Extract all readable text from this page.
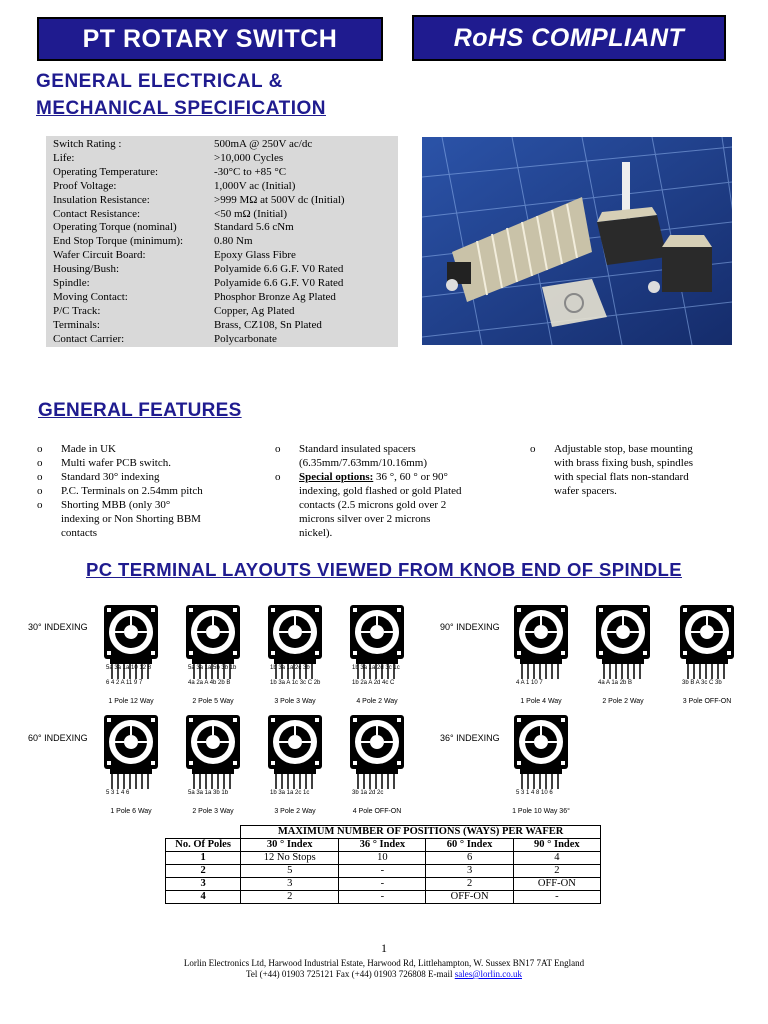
PT ROTARY SWITCH	RoHS COMPLIANT
GENERAL ELECTRICAL &
MECHANICAL SPECIFICATION
Switch Rating :	500mA @ 250V ac/dc
Life:	>10,000 Cycles
Operating Temperature:	-30°C to +85 °C
Proof Voltage:	1,000V ac (Initial)
Insulation Resistance:	>999 MΩ at 500V dc (Initial)
Contact Resistance:	<50 mΩ (Initial)
Operating Torque (nominal)	Standard 5.6 cNm
End Stop Torque (minimum):	0.80 Nm
Wafer Circuit Board:	Epoxy Glass Fibre
Housing/Bush:	Polyamide 6.6 G.F. V0 Rated
Spindle:	Polyamide 6.6 G.F. V0 Rated
Moving Contact:	Phosphor Bronze Ag Plated
P/C Track:	Copper, Ag Plated
Terminals:	Brass, CZ108, Sn Plated
Contact Carrier:	Polycarbonate
GENERAL FEATURES
o Made in UK
o Multi wafer PCB switch.
o Standard 30° indexing
o P.C. Terminals on 2.54mm pitch
o Shorting MBB (only 30°
indexing or Non Shorting BBM
contacts
o Standard insulated spacers
(6.35mm/7.63mm/10.16mm)
o Special options: 36 °, 60 ° or 90°
indexing, gold flashed or gold Plated
contacts (2.5 microns gold over 2
microns silver over 2 microns
nickel).
o Adjustable stop, base mounting
with brass fixing bush, spindles
with special flats non-standard
wafer spacers.
PC TERMINAL LAYOUTS VIEWED FROM KNOB END OF SPINDLE
30° INDEXING
60° INDEXING
90° INDEXING
36° INDEXING
5a 3a 1a 10 12 8
6 4 2 A 11 9 7
1 Pole 12 Way
5a 3a 1a 5b 3b 1b
4a 2a A 4b 2b B
2 Pole 5 Way
1b 3a 1a 2c 3b
1b 3a A 1c 3c C 2b
3 Pole 3 Way
1b 3a 1a 2d 3c 1c
1b 2a A 2d 4c C
4 Pole 2 Way
5 3 1 4 6
1 Pole 6 Way
5a 3a 1a 3b 1b
2 Pole 3 Way
1b 3a 1a 2c 1c
3 Pole 2 Way
3b 1a 2d 2c
4 Pole OFF-ON
4 A 1 10 7
1 Pole 4 Way
4a A 1a 2b B
2 Pole 2 Way
3b B A 3c C 3b
3 Pole OFF-ON
5 3 1 4 8 10 6
1 Pole 10 Way 36°
	MAXIMUM NUMBER OF POSITIONS (WAYS) PER WAFER			
No. Of Poles	30 ° Index	36 ° Index	60 ° Index	90 ° Index
1	12 No Stops	10	6	4
2	5	-	3	2
3	3	-	2	OFF-ON
4	2	-	OFF-ON	-
1
Lorlin Electronics Ltd, Harwood Industrial Estate, Harwood Rd, Littlehampton, W. Sussex BN17 7AT England
Tel (+44) 01903 725121 Fax (+44) 01903 726808 E-mail sales@lorlin.co.uk
